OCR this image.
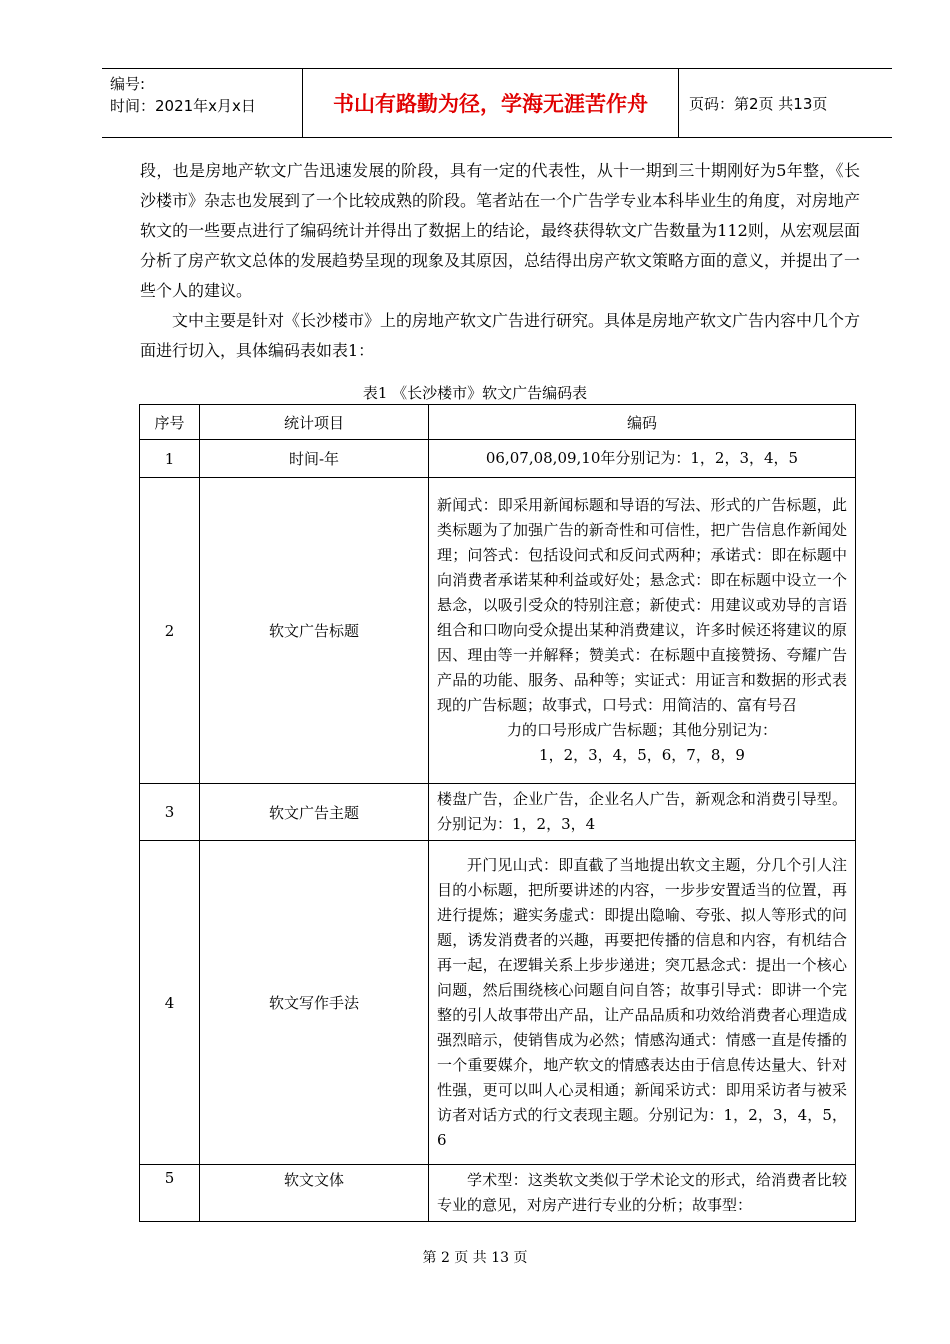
编号:
时间：2021年x月x日	书山有路勤为径，学海无涯苦作舟	页码：第2页 共13页

段，也是房地产软文广告迅速发展的阶段，具有一定的代表性，从十一期到三十期刚好为5年整，《长沙楼市》杂志也发展到了一个比较成熟的阶段。笔者站在一个广告学专业本科毕业生的角度，对房地产软文的一些要点进行了编码统计并得出了数据上的结论，最终获得软文广告数量为112则，从宏观层面分析了房产软文总体的发展趋势呈现的现象及其原因，总结得出房产软文策略方面的意义，并提出了一些个人的建议。

文中主要是针对《长沙楼市》上的房地产软文广告进行研究。具体是房地产软文广告内容中几个方面进行切入，具体编码表如表1：

表1 《长沙楼市》软文广告编码表
序号	统计项目	编码
1	时间-年	06,07,08,09,10年分别记为：1，2，3，4，5
2	软文广告标题	新闻式：即采用新闻标题和导语的写法、形式的广告标题，此类标题为了加强广告的新奇性和可信性，把广告信息作新闻处理；问答式：包括设问式和反问式两种；承诺式：即在标题中向消费者承诺某种利益或好处；悬念式：即在标题中设立一个悬念，以吸引受众的特别注意；新使式：用建议或劝导的言语组合和口吻向受众提出某种消费建议，许多时候还将建议的原因、理由等一并解释；赞美式：在标题中直接赞扬、夸耀广告产品的功能、服务、品种等；实证式：用证言和数据的形式表现的广告标题；故事式，口号式：用简洁的、富有号召

力的口号形成广告标题；其他分别记为：

1，2，3，4，5，6，7，8，9

3	软文广告主题	楼盘广告，企业广告，企业名人广告，新观念和消费引导型。分别记为：1，2，3，4
4	软文写作手法	开门见山式：即直截了当地提出软文主题，分几个引人注目的小标题，把所要讲述的内容，一步步安置适当的位置，再进行提炼；避实务虚式：即提出隐喻、夸张、拟人等形式的问题，诱发消费者的兴趣，再要把传播的信息和内容，有机结合再一起，在逻辑关系上步步递进；突兀悬念式：提出一个核心问题，然后围绕核心问题自问自答；故事引导式：即讲一个完整的引人故事带出产品，让产品品质和功效给消费者心理造成强烈暗示，使销售成为必然；情感沟通式：情感一直是传播的一个重要媒介，地产软文的情感表达由于信息传达量大、针对性强，更可以叫人心灵相通；新闻采访式：即用采访者与被采访者对话方式的行文表现主题。分别记为：1，2，3，4，5，6

5	软文文体	学术型：这类软文类似于学术论文的形式，给消费者比较专业的意见，对房产进行专业的分析；故事型：

第 2 页 共 13 页
